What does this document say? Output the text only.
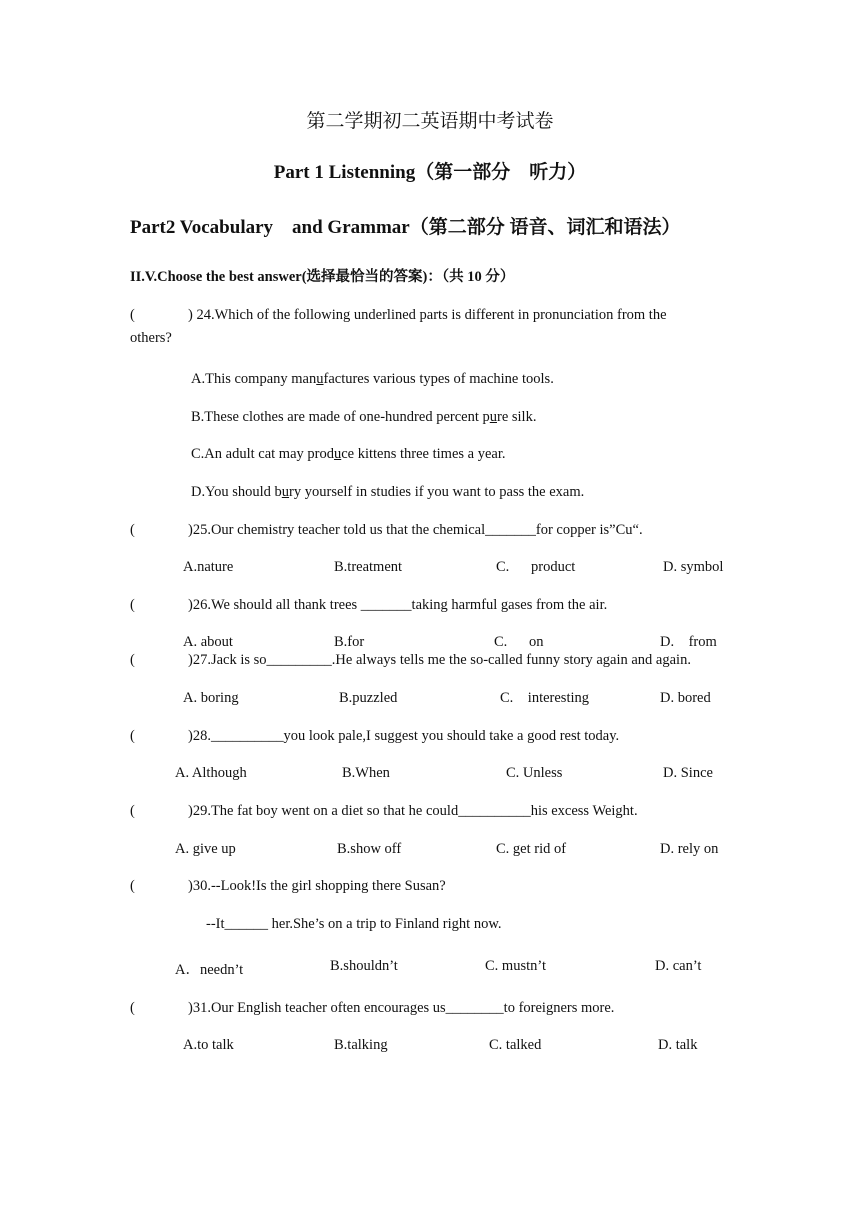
第二学期初二英语期中考试卷
Part 1 Listenning（第一部分　听力）
Part2 Vocabulary　and Grammar（第二部分 语音、词汇和语法）
II.V.Choose the best answer(选择最恰当的答案)：（共 10 分）
(	) 24.Which of the following underlined parts is different in pronunciation from the
others?
A.This company manufactures various types of machine tools.
B.These clothes are made of one-hundred percent pure silk.
C.An adult cat may produce kittens three times a year.
D.You should bury yourself in studies if you want to pass the exam.
(	)25.Our chemistry teacher told us that the chemical_______for copper is”Cu“.
A.nature	B.treatment	C.      product	D. symbol
(	)26.We should all thank trees _______taking harmful gases from the air.
A. about	B.for	C.      on	D.    from
(	)27.Jack is so_________.He always tells me the so-called funny story again and again.
A. boring	B.puzzled	C.    interesting	D. bored
(	)28.__________you look pale,I suggest you should take a good rest today.
A. Although	B.When	C. Unless	D. Since
(	)29.The fat boy went on a diet so that he could__________his excess Weight.
A. give up	B.show off	C. get rid of	D. rely on
(	)30.--Look!Is the girl shopping there Susan?
--It______ her.She’s on a trip to Finland right now.
A．needn’t	B.shouldn’t	C. mustn’t	D. can’t
(	)31.Our English teacher often encourages us________to foreigners more.
A.to talk	B.talking	C. talked	D. talk
